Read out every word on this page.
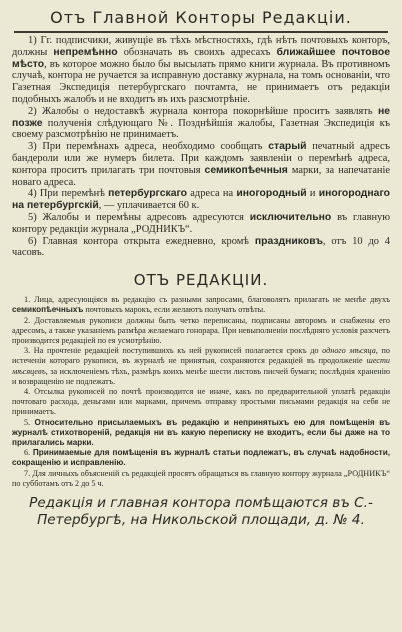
Отъ Главной Конторы Редакціи.

1) Гг. подписчики, живущіе въ тѣхъ мѣстностяхъ, гдѣ нѣтъ почтовыхъ конторъ, должны непремѣнно обозначать въ своихъ адресахъ ближайшее почтовое мѣсто, въ которое можно было бы высылать прямо книги журнала. Въ противномъ случаѣ, контора не ручается за исправную доставку журнала, на томъ основаніи, что Газетная Экспедиція петербургскаго почтамта, не принимаетъ отъ редакціи подобныхъ жалобъ и не входитъ въ ихъ разсмотрѣніе.

2) Жалобы о недоставкѣ журнала контора покорнѣйше проситъ заявлять не позже полученія слѣдующаго №. Позднѣйшія жалобы, Газетная Экспедиція къ своему разсмотрѣнію не принимаетъ.

3) При перемѣнахъ адреса, необходимо сообщать старый печатный адресъ бандероли или же нумеръ билета. При каждомъ заявленіи о перемѣнѣ адреса, контора проситъ прилагать три почтовыя семикопѣечныя марки, за напечатаніе новаго адреса.

4) При перемѣнѣ петербургскаго адреса на иногородный и иногороднаго на петербургскій, — уплачивается 60 к.

5) Жалобы и перемѣны адресовъ адресуются исключительно въ главную контору редакціи журнала „РОДНИКЪ“.

6) Главная контора открыта ежедневно, кромѣ праздниковъ, отъ 10 до 4 часовъ.

ОТЪ РЕДАКЦІИ.

1. Лица, адресующіяся въ редакцію съ разными запросами, благоволятъ прилагать не менѣе двухъ семикопѣечныхъ почтовыхъ марокъ, если желаютъ получать отвѣты.

2. Доставляемыя рукописи должны быть четко переписаны, подписаны авторомъ и снабжены его адресомъ, а также указаніемъ размѣра желаемаго гонорара. При невыполненіи послѣдняго условія разсчетъ производится редакціей по ея усмотрѣнію.

3. На прочтеніе редакціей поступившихъ къ ней рукописей полагается срокъ до одного мѣсяца, по истеченіи котораго рукописи, въ журналѣ не принятыя, сохраняются редакціей въ продолженіе шести мѣсяцевъ, за исключеніемъ тѣхъ, размѣръ коихъ менѣе шести листовъ писчей бумаги; послѣднія храненію и возвращенію не подлежатъ.

4. Отсылка рукописей по почтѣ производится не иначе, какъ по предварительной уплатѣ редакціи почтоваго расхода, деньгами или марками, причемъ отправку простыми письмами редакція на себя не принимаетъ.

5. Относительно присылаемыхъ въ редакцію и непринятыхъ ею для помѣщенія въ журналѣ стихотвореній, редакція ни въ какую переписку не входитъ, если бы даже на то прилагались марки.

6. Принимаемые для помѣщенія въ журналѣ статьи подлежатъ, въ случаѣ надобности, сокращенію и исправленію.

7. Для личныхъ объясненій съ редакціей просятъ обращаться въ главную контору журнала „РОДНИКЪ“ по субботамъ отъ 2 до 5 ч.

Редакція и главная контора помѣщаются въ С.-Петербургѣ, на Никольской площади, д. № 4.
